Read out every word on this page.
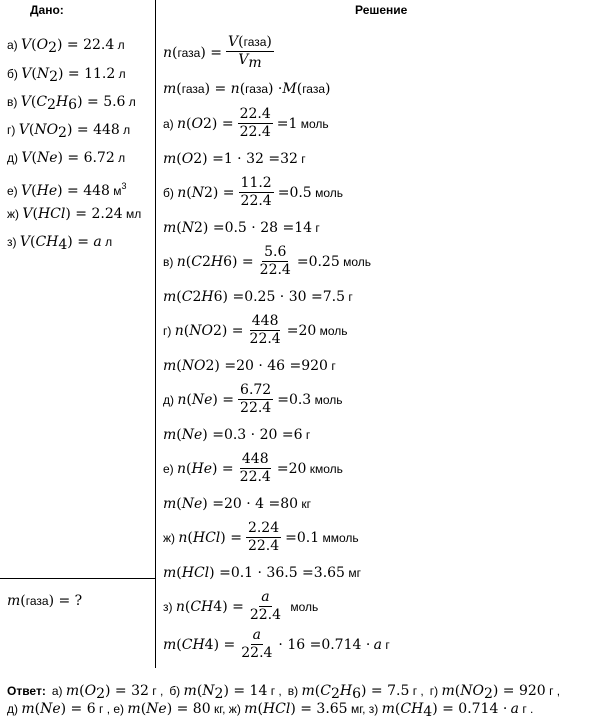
Дано:	Решение
а) $V(O_2) = 22.4$ л
б) $V(N_2) = 11.2$ л
в) $V(C_2H_6) = 5.6$ л
г) $V(NO_2) = 448$ л
д) V(Ne) = 6.72 л
е) V(He) = 448 $м^3$
ж) V(HCl) = 2.24 мл
з) $V(CH_4) = a$ л
m(газа) = ?
n ( газа ) =
V(газа)
$V_m$
m ( газа ) = n ( газа ) · M ( газа )
а)
n ( O 2 ) = $\frac{22.4}{22.4} = 1$
моль
m ( O 2 ) = 1 · 32 = 32
г
б)
n ( N 2 ) = $\frac{11.2}{22.4} = 0.5$
моль
m ( N 2 ) = 0.5 · 28 = 14
г
в)
n ( C 2 H 6 ) = $\frac{5.6}{22.4} = 0.25$
моль
m ( C 2 H 6 ) = 0.25 · 30 = 7.5
г
г)
n ( NO 2 ) = $\frac{448}{22.4} = 20$
моль
m ( NO 2 ) = 20 · 46 = 920
г
д)
n ( Ne ) = $\frac{6.72}{22.4} = 0.3$
моль
m ( Ne ) = 0.3 · 20 = 6
г
е)
n ( He ) = $\frac{448}{22.4} = 20$
кмоль
m ( Ne ) = 20 · 4 = 80
кг
ж)
n ( HCl ) = $\frac{2.24}{22.4} = 0.1$
ммоль
m ( HCl ) = 0.1 · 36.5 = 3.65
мг
з)
n ( CH 4 ) = $\frac{a}{22.4}$
моль
m ( CH 4 ) = $\frac{a}{22.4} \cdot 16 = 0.714$ ·
a
г
Ответ: а) $m(O_2) = 32$ г , б) $m(N_2) = 14$ г , в) $m(C_2H_6) = 7.5$ г , г) $m(NO_2) = 920$ г ,
д) m(Ne) = 6 г , е) m(Ne) = 80 кг, ж) m(HCl) = 3.65 мг, з) $m(CH_4) = 0.714 \cdot a$ г .
